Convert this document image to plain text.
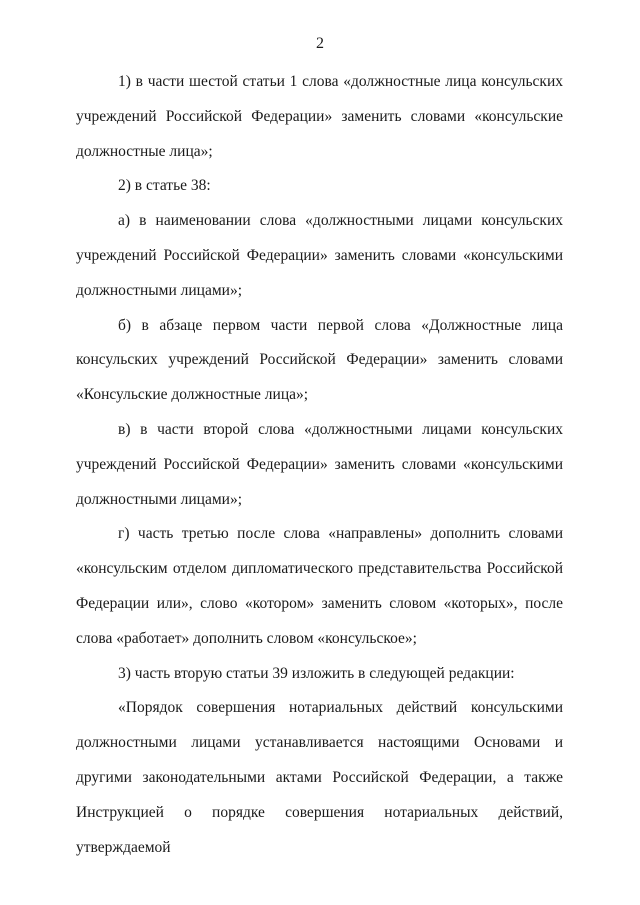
2

1) в части шестой статьи 1 слова «должностные лица консульских учреждений Российской Федерации» заменить словами «консульские должностные лица»;

2) в статье 38:

а) в наименовании слова «должностными лицами консульских учреждений Российской Федерации» заменить словами «консульскими должностными лицами»;

б) в абзаце первом части первой слова «Должностные лица консульских учреждений Российской Федерации» заменить словами «Консульские должностные лица»;

в) в части второй слова «должностными лицами консульских учреждений Российской Федерации» заменить словами «консульскими должностными лицами»;

г) часть третью после слова «направлены» дополнить словами «консульским отделом дипломатического представительства Российской Федерации или», слово «котором» заменить словом «которых», после слова «работает» дополнить словом «консульское»;

3) часть вторую статьи 39 изложить в следующей редакции:

«Порядок совершения нотариальных действий консульскими должностными лицами устанавливается настоящими Основами и другими законодательными актами Российской Федерации, а также Инструкцией о порядке совершения нотариальных действий, утверждаемой
